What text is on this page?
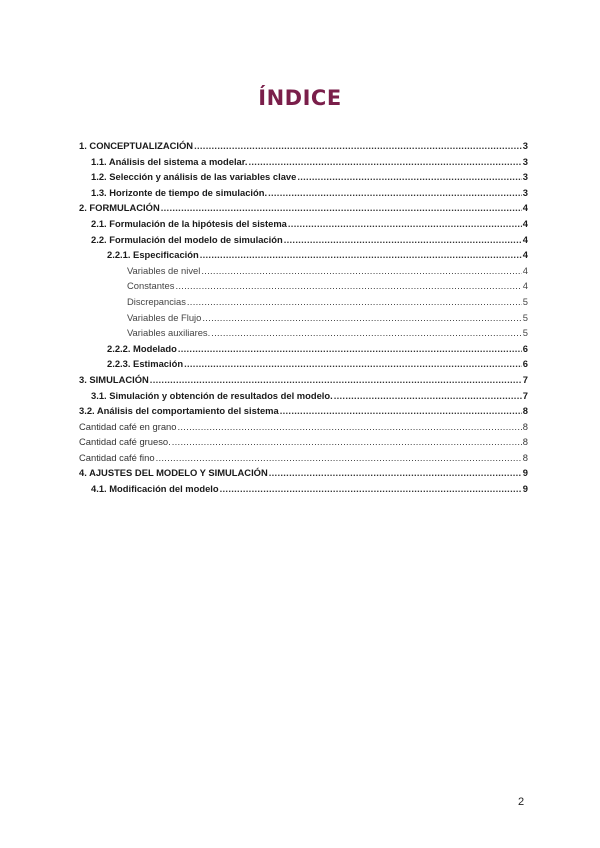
ÍNDICE
1. CONCEPTUALIZACIÓN .....	3
1.1. Análisis del sistema a modelar. .....	3
1.2. Selección y análisis de las variables clave .....	3
1.3. Horizonte de tiempo de simulación. .....	3
2. FORMULACIÓN .....	4
2.1. Formulación de la hipótesis del sistema .....	4
2.2. Formulación del modelo de simulación .....	4
2.2.1. Especificación .....	4
Variables de nivel .....	4
Constantes .....	4
Discrepancias .....	5
Variables de Flujo .....	5
Variables auxiliares. .....	5
2.2.2. Modelado .....	6
2.2.3. Estimación .....	6
3. SIMULACIÓN .....	7
3.1. Simulación y obtención de resultados del modelo. .....	7
3.2. Análisis del comportamiento del sistema .....	8
Cantidad café en grano .....	8
Cantidad café grueso. .....	8
Cantidad café fino .....	8
4. AJUSTES DEL MODELO Y SIMULACIÓN .....	9
4.1. Modificación del modelo .....	9
2
